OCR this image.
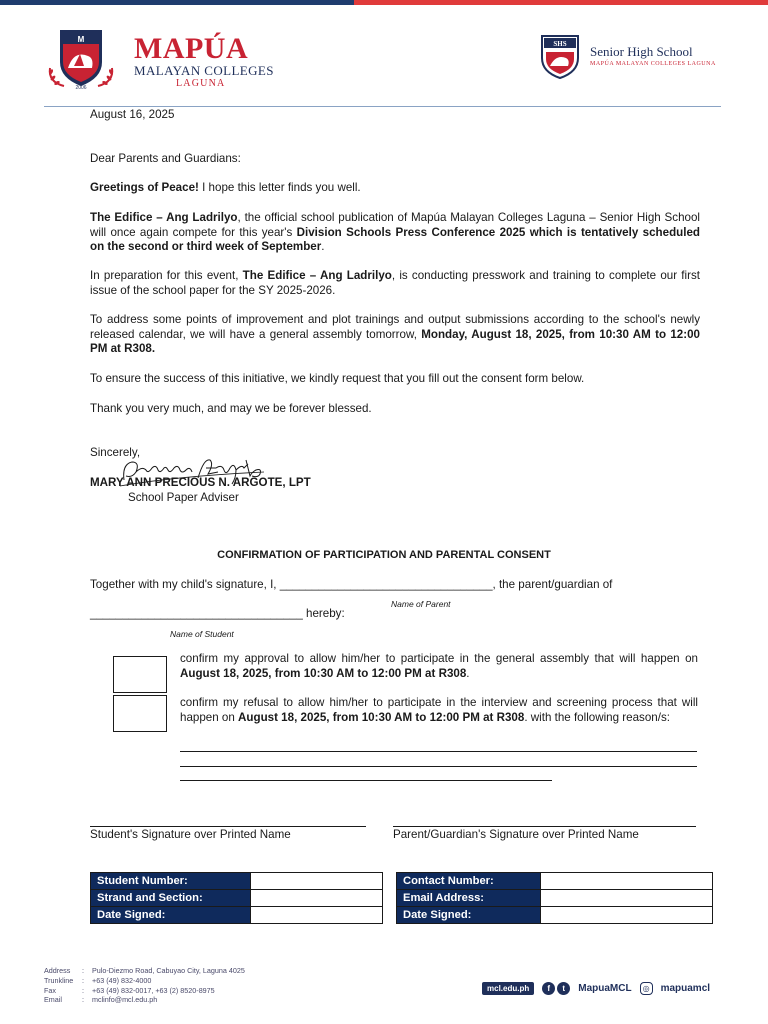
M
2006
MAPÚA
MALAYAN COLLEGES
LAGUNA
SHS Senior High School
MAPÚA MALAYAN COLLEGES LAGUNA
August 16, 2025
Dear Parents and Guardians:
Greetings of Peace! I hope this letter finds you well.
The Edifice – Ang Ladrilyo, the official school publication of Mapúa Malayan Colleges Laguna – Senior High School will once again compete for this year's Division Schools Press Conference 2025 which is tentatively scheduled on the second or third week of September.
In preparation for this event, The Edifice – Ang Ladrilyo, is conducting presswork and training to complete our first issue of the school paper for the SY 2025-2026.
To address some points of improvement and plot trainings and output submissions according to the school's newly released calendar, we will have a general assembly tomorrow, Monday, August 18, 2025, from 10:30 AM to 12:00 PM at R308.
To ensure the success of this initiative, we kindly request that you fill out the consent form below.
Thank you very much, and may we be forever blessed.
Sincerely,
MARY ANN PRECIOUS N. ARGOTE, LPT
School Paper Adviser
CONFIRMATION OF PARTICIPATION AND PARENTAL CONSENT
Together with my child's signature, I, _________________________________, the parent/guardian of
Name of Parent
_________________________________ hereby:
Name of Student
confirm my approval to allow him/her to participate in the general assembly that will happen on August 18, 2025, from 10:30 AM to 12:00 PM at R308.
confirm my refusal to allow him/her to participate in the interview and screening process that will happen on August 18, 2025, from 10:30 AM to 12:00 PM at R308. with the following reason/s:
Student's Signature over Printed Name	Parent/Guardian's Signature over Printed Name
Student Number:	
Strand and Section:	
Date Signed:	
Contact Number:	
Email Address:	
Date Signed:	
Address	:	Pulo-Diezmo Road, Cabuyao City, Laguna 4025
Trunkline	:	+63 (49) 832-4000
Fax	:	+63 (49) 832-0017, +63 (2) 8520-8975
Email	:	mclinfo@mcl.edu.ph
mcl.edu.ph	f	t	MapuaMCL	◎	mapuamcl
